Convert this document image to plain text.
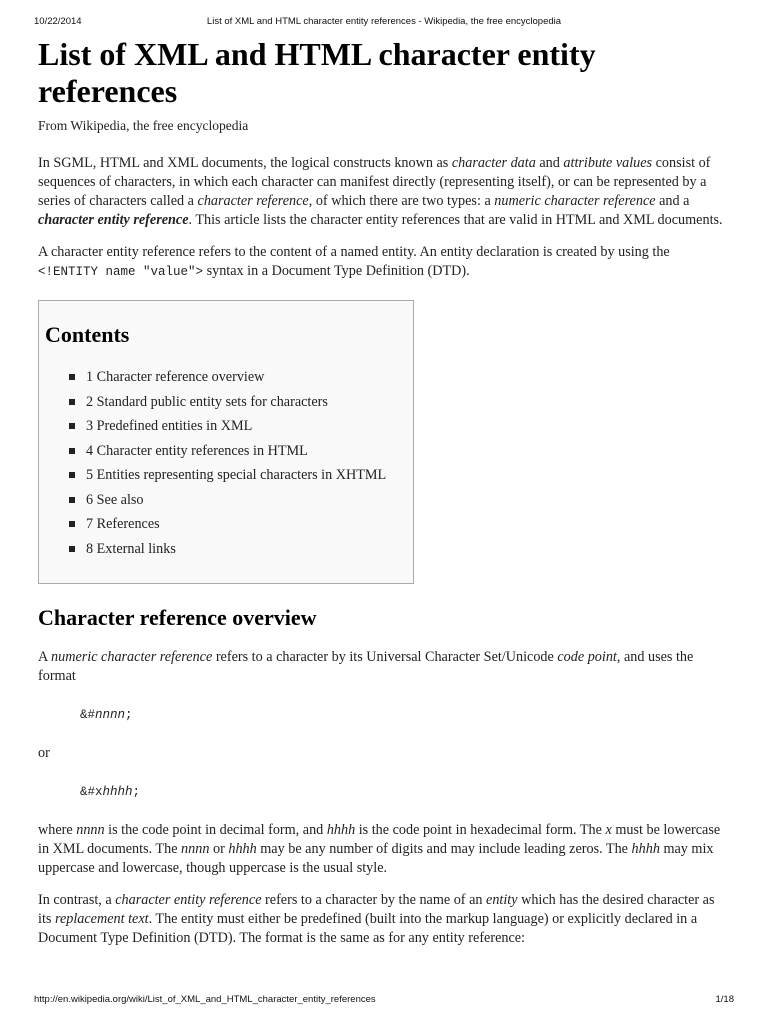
10/22/2014	List of XML and HTML character entity references - Wikipedia, the free encyclopedia
List of XML and HTML character entity
references
From Wikipedia, the free encyclopedia

In SGML, HTML and XML documents, the logical constructs known as character data and attribute values consist of sequences of characters, in which each character can manifest directly (representing itself), or can be represented by a series of characters called a character reference, of which there are two types: a numeric character reference and a character entity reference. This article lists the character entity references that are valid in HTML and XML documents.

A character entity reference refers to the content of a named entity. An entity declaration is created by using the <!ENTITY name "value"> syntax in a Document Type Definition (DTD).

Contents
1 Character reference overview
2 Standard public entity sets for characters
3 Predefined entities in XML
4 Character entity references in HTML
5 Entities representing special characters in XHTML
6 See also
7 References
8 External links
Character reference overview

A numeric character reference refers to a character by its Universal Character Set/Unicode code point, and uses the format

&#nnnn;

or

&#xhhhh;

where nnnn is the code point in decimal form, and hhhh is the code point in hexadecimal form. The x must be lowercase in XML documents. The nnnn or hhhh may be any number of digits and may include leading zeros. The hhhh may mix uppercase and lowercase, though uppercase is the usual style.

In contrast, a character entity reference refers to a character by the name of an entity which has the desired character as its replacement text. The entity must either be predefined (built into the markup language) or explicitly declared in a Document Type Definition (DTD). The format is the same as for any entity reference:

http://en.wikipedia.org/wiki/List_of_XML_and_HTML_character_entity_references	1/18
